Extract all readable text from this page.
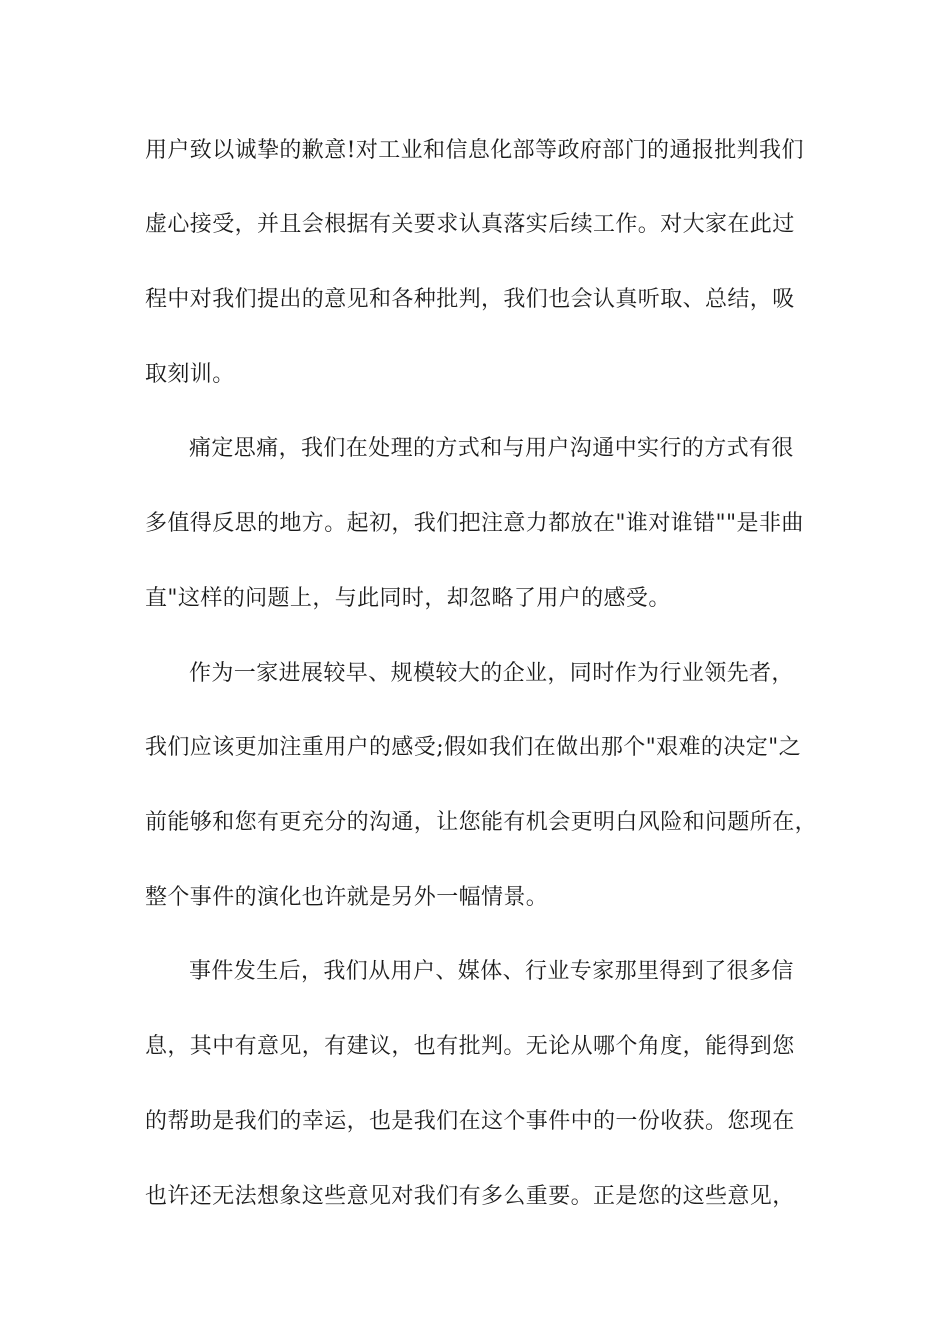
用户致以诚挚的歉意!对工业和信息化部等政府部门的通报批判我们
虚心接受，并且会根据有关要求认真落实后续工作。对大家在此过
程中对我们提出的意见和各种批判，我们也会认真听取、总结，吸
取刻训。
痛定思痛，我们在处理的方式和与用户沟通中实行的方式有很
多值得反思的地方。起初，我们把注意力都放在"谁对谁错""是非曲
直"这样的问题上，与此同时，却忽略了用户的感受。
作为一家进展较早、规模较大的企业，同时作为行业领先者，
我们应该更加注重用户的感受;假如我们在做出那个"艰难的决定"之
前能够和您有更充分的沟通，让您能有机会更明白风险和问题所在，
整个事件的演化也许就是另外一幅情景。
事件发生后，我们从用户、媒体、行业专家那里得到了很多信
息，其中有意见，有建议，也有批判。无论从哪个角度，能得到您
的帮助是我们的幸运，也是我们在这个事件中的一份收获。您现在
也许还无法想象这些意见对我们有多么重要。正是您的这些意见，
